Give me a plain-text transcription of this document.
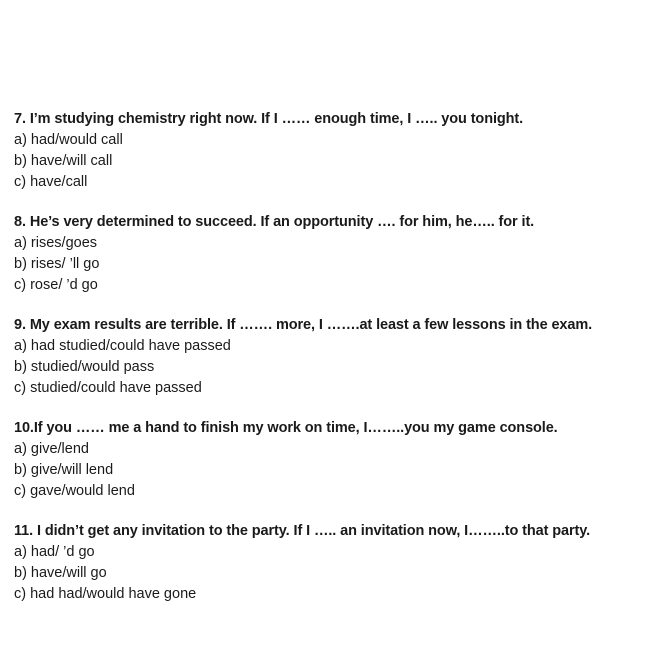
7. I’m studying chemistry right now. If I …… enough time, I ….. you tonight.
a) had/would call
b) have/will call
c) have/call
8. He’s very determined to succeed. If an opportunity …. for him, he….. for it.
a) rises/goes
b) rises/ ’ll go
c) rose/ ’d go
9. My exam results are terrible. If ……. more, I …….at least a few lessons in the exam.
a) had studied/could have passed
b) studied/would pass
c) studied/could have passed
10.If you …… me a hand to finish my work on time, I……..you my game console.
a) give/lend
b) give/will lend
c) gave/would lend
11. I didn’t get any invitation to the party. If I ….. an invitation now, I……..to that party.
a) had/ ’d go
b) have/will go
c) had had/would have gone
